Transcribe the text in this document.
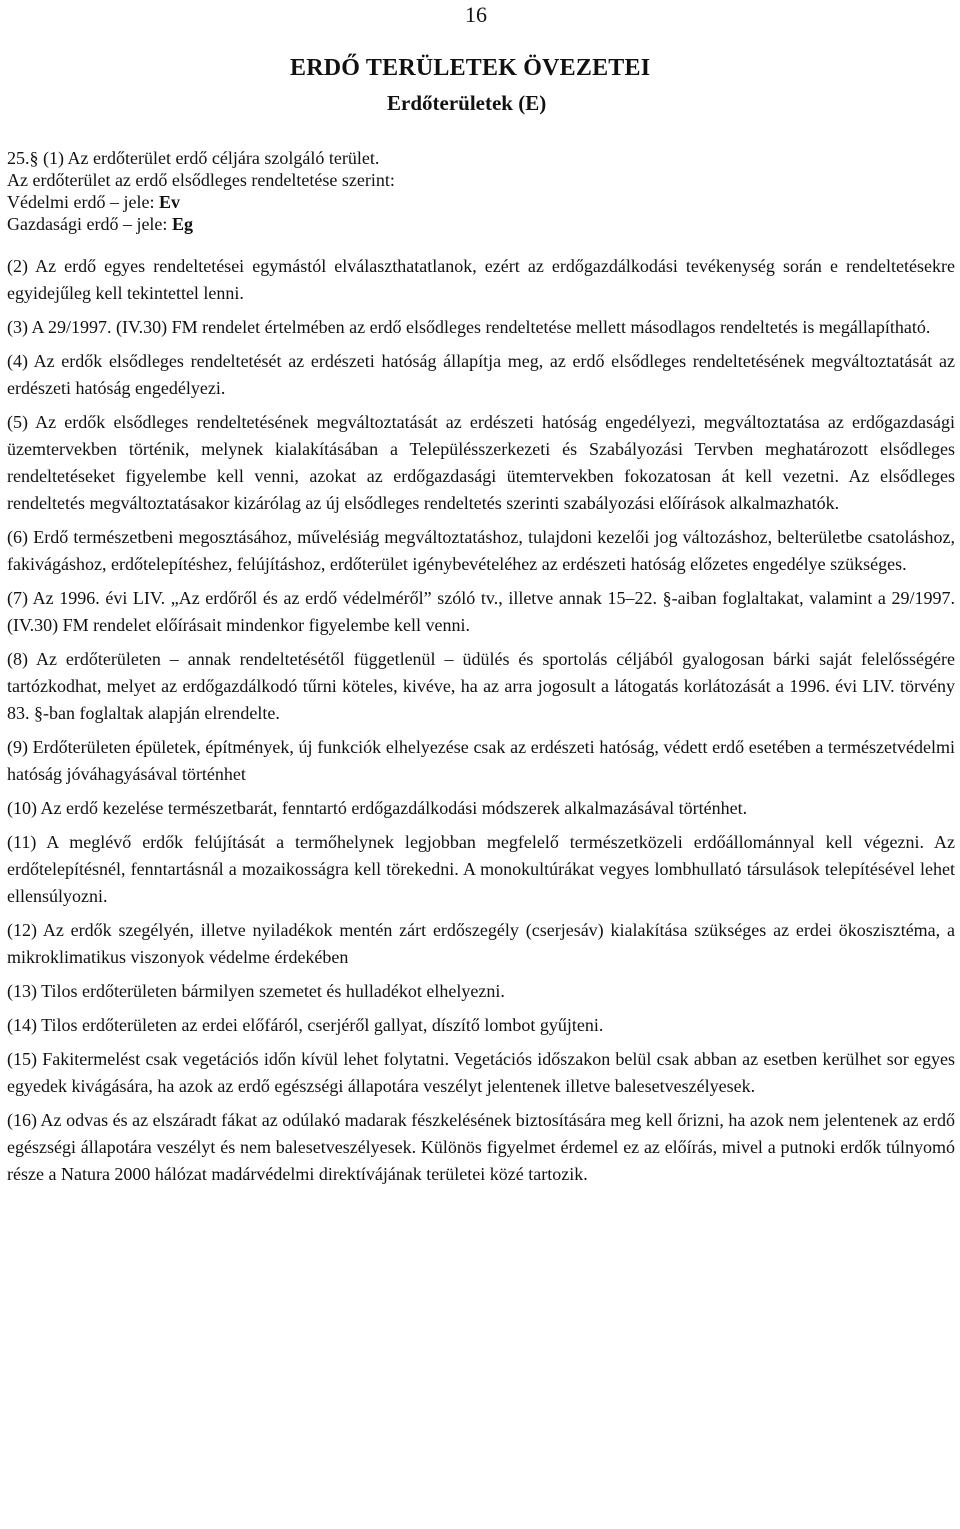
16
ERDŐ TERÜLETEK ÖVEZETEI
Erdőterületek (E)
25.§ (1) Az erdőterület erdő céljára szolgáló terület.
Az erdőterület az erdő elsődleges rendeltetése szerint:
Védelmi erdő – jele: Ev
Gazdasági erdő – jele: Eg

(2) Az erdő egyes rendeltetései egymástól elválaszthatatlanok, ezért az erdőgazdálkodási tevékenység során e rendeltetésekre egyidejűleg kell tekintettel lenni.

(3) A 29/1997. (IV.30) FM rendelet értelmében az erdő elsődleges rendeltetése mellett másodlagos rendeltetés is megállapítható.

(4) Az erdők elsődleges rendeltetését az erdészeti hatóság állapítja meg, az erdő elsődleges rendeltetésének megváltoztatását az erdészeti hatóság engedélyezi.

(5) Az erdők elsődleges rendeltetésének megváltoztatását az erdészeti hatóság engedélyezi, megváltoztatása az erdőgazdasági üzemtervekben történik, melynek kialakításában a Településszerkezeti és Szabályozási Tervben meghatározott elsődleges rendeltetéseket figyelembe kell venni, azokat az erdőgazdasági ütemtervekben fokozatosan át kell vezetni. Az elsődleges rendeltetés megváltoztatásakor kizárólag az új elsődleges rendeltetés szerinti szabályozási előírások alkalmazhatók.

(6) Erdő természetbeni megosztásához, művelésiág megváltoztatáshoz, tulajdoni kezelői jog változáshoz, belterületbe csatoláshoz, fakivágáshoz, erdőtelepítéshez, felújításhoz, erdőterület igénybevételéhez az erdészeti hatóság előzetes engedélye szükséges.

(7) Az 1996. évi LIV. „Az erdőről és az erdő védelméről” szóló tv., illetve annak 15–22. §-aiban foglaltakat, valamint a 29/1997. (IV.30) FM rendelet előírásait mindenkor figyelembe kell venni.

(8) Az erdőterületen – annak rendeltetésétől függetlenül – üdülés és sportolás céljából gyalogosan bárki saját felelősségére tartózkodhat, melyet az erdőgazdálkodó tűrni köteles, kivéve, ha az arra jogosult a látogatás korlátozását a 1996. évi LIV. törvény 83. §-ban foglaltak alapján elrendelte.

(9) Erdőterületen épületek, építmények, új funkciók elhelyezése csak az erdészeti hatóság, védett erdő esetében a természetvédelmi hatóság jóváhagyásával történhet

(10) Az erdő kezelése természetbarát, fenntartó erdőgazdálkodási módszerek alkalmazásával történhet.

(11) A meglévő erdők felújítását a termőhelynek legjobban megfelelő természetközeli erdőállománnyal kell végezni. Az erdőtelepítésnél, fenntartásnál a mozaikosságra kell törekedni. A monokultúrákat vegyes lombhullató társulások telepítésével lehet ellensúlyozni.

(12) Az erdők szegélyén, illetve nyiladékok mentén zárt erdőszegély (cserjesáv) kialakítása szükséges az erdei ökoszisztéma, a mikroklimatikus viszonyok védelme érdekében

(13) Tilos erdőterületen bármilyen szemetet és hulladékot elhelyezni.

(14) Tilos erdőterületen az erdei előfáról, cserjéről gallyat, díszítő lombot gyűjteni.

(15) Fakitermelést csak vegetációs időn kívül lehet folytatni. Vegetációs időszakon belül csak abban az esetben kerülhet sor egyes egyedek kivágására, ha azok az erdő egészségi állapotára veszélyt jelentenek illetve balesetveszélyesek.

(16) Az odvas és az elszáradt fákat az odúlakó madarak fészkelésének biztosítására meg kell őrizni, ha azok nem jelentenek az erdő egészségi állapotára veszélyt és nem balesetveszélyesek. Különös figyelmet érdemel ez az előírás, mivel a putnoki erdők túlnyomó része a Natura 2000 hálózat madárvédelmi direktívájának területei közé tartozik.
